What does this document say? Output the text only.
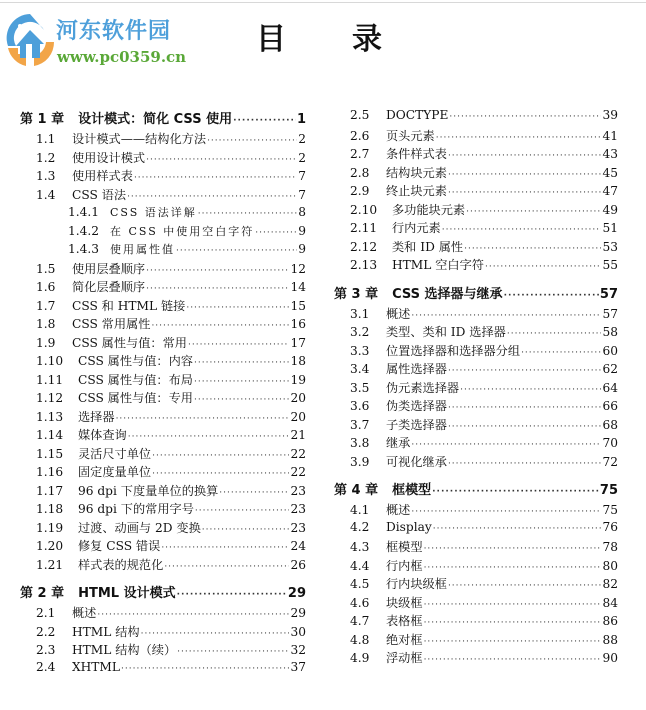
河东软件园
www.pc0359.cn 目 录
第 1 章 设计模式：简化 CSS 使用 ·····	1
1.1	设计模式——结构化方法 ·····	2
1.2	使用设计模式 ·····	2
1.3	使用样式表 ·····	7
1.4	CSS 语法 ·····	7
1.4.1 CSS 语法详解 ·····	8
1.4.2 在 CSS 中使用空白字符 ·····	9
1.4.3 使用属性值 ·····	9
1.5	使用层叠顺序 ·····	12
1.6	简化层叠顺序 ·····	14
1.7	CSS 和 HTML 链接 ·····	15
1.8	CSS 常用属性 ·····	16
1.9	CSS 属性与值：常用 ·····	17
1.10	CSS 属性与值：内容 ·····	18
1.11	CSS 属性与值：布局 ·····	19
1.12	CSS 属性与值：专用 ·····	20
1.13	选择器 ·····	20
1.14	媒体查询 ·····	21
1.15	灵活尺寸单位 ·····	22
1.16	固定度量单位 ·····	22
1.17	96 dpi 下度量单位的换算 ·····	23
1.18	96 dpi 下的常用字号 ·····	23
1.19	过渡、动画与 2D 变换 ·····	23
1.20	修复 CSS 错误 ·····	24
1.21	样式表的规范化 ·····	26
第 2 章 HTML 设计模式 ·····	29
2.1	概述 ·····	29
2.2	HTML 结构 ·····	30
2.3	HTML 结构（续） ·····	32
2.4	XHTML ·····	37
2.5	DOCTYPE ·····	39
2.6	页头元素 ·····	41
2.7	条件样式表 ·····	43
2.8	结构块元素 ·····	45
2.9	终止块元素 ·····	47
2.10	多功能块元素 ·····	49
2.11	行内元素 ·····	51
2.12	类和 ID 属性 ·····	53
2.13	HTML 空白字符 ·····	55
第 3 章 CSS 选择器与继承 ·····	57
3.1	概述 ·····	57
3.2	类型、类和 ID 选择器 ·····	58
3.3	位置选择器和选择器分组 ·····	60
3.4	属性选择器 ·····	62
3.5	伪元素选择器 ·····	64
3.6	伪类选择器 ·····	66
3.7	子类选择器 ·····	68
3.8	继承 ·····	70
3.9	可视化继承 ·····	72
第 4 章 框模型 ·····	75
4.1	概述 ·····	75
4.2	Display ·····	76
4.3	框模型 ·····	78
4.4	行内框 ·····	80
4.5	行内块级框 ·····	82
4.6	块级框 ·····	84
4.7	表格框 ·····	86
4.8	绝对框 ·····	88
4.9	浮动框 ·····	90
